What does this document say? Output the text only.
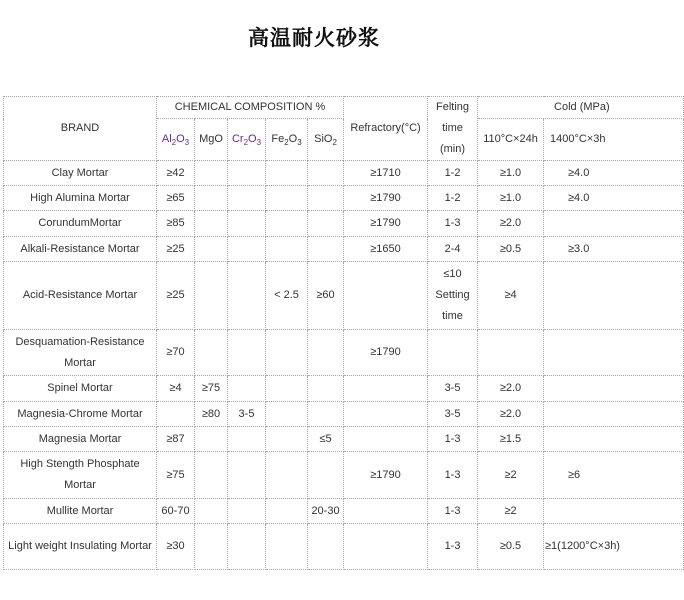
高温耐火砂浆
BRAND	CHEMICAL COMPOSITION %					Refractory(°C)	Felting time (min)	Cold (MPa)	
	$Al_2O_3$	MgO	$Cr_2O_3$	$Fe_2O_3$	SiO$_2$			110°C×24h	1400°C×3h
Clay Mortar	≥42					≥1710	1-2	≥1.0	≥4.0
High Alumina Mortar	≥65					≥1790	1-2	≥1.0	≥4.0
CorundumMortar	≥85					≥1790	1-3	≥2.0	
Alkali-Resistance Mortar	≥25					≥1650	2-4	≥0.5	≥3.0
Acid-Resistance Mortar	≥25			< 2.5	≥60		≤10 Setting time	≥4	
Desquamation-Resistance Mortar	≥70					≥1790			
Spinel Mortar	≥4	≥75					3-5	≥2.0	
Magnesia-Chrome Mortar		≥80	3-5				3-5	≥2.0	
Magnesia Mortar	≥87				≤5		1-3	≥1.5	
High Stength Phosphate Mortar	≥75					≥1790	1-3	≥2	≥6
Mullite Mortar	60-70				20-30		1-3	≥2	
Light weight Insulating Mortar	≥30						1-3	≥0.5	≥1(1200°C×3h)
